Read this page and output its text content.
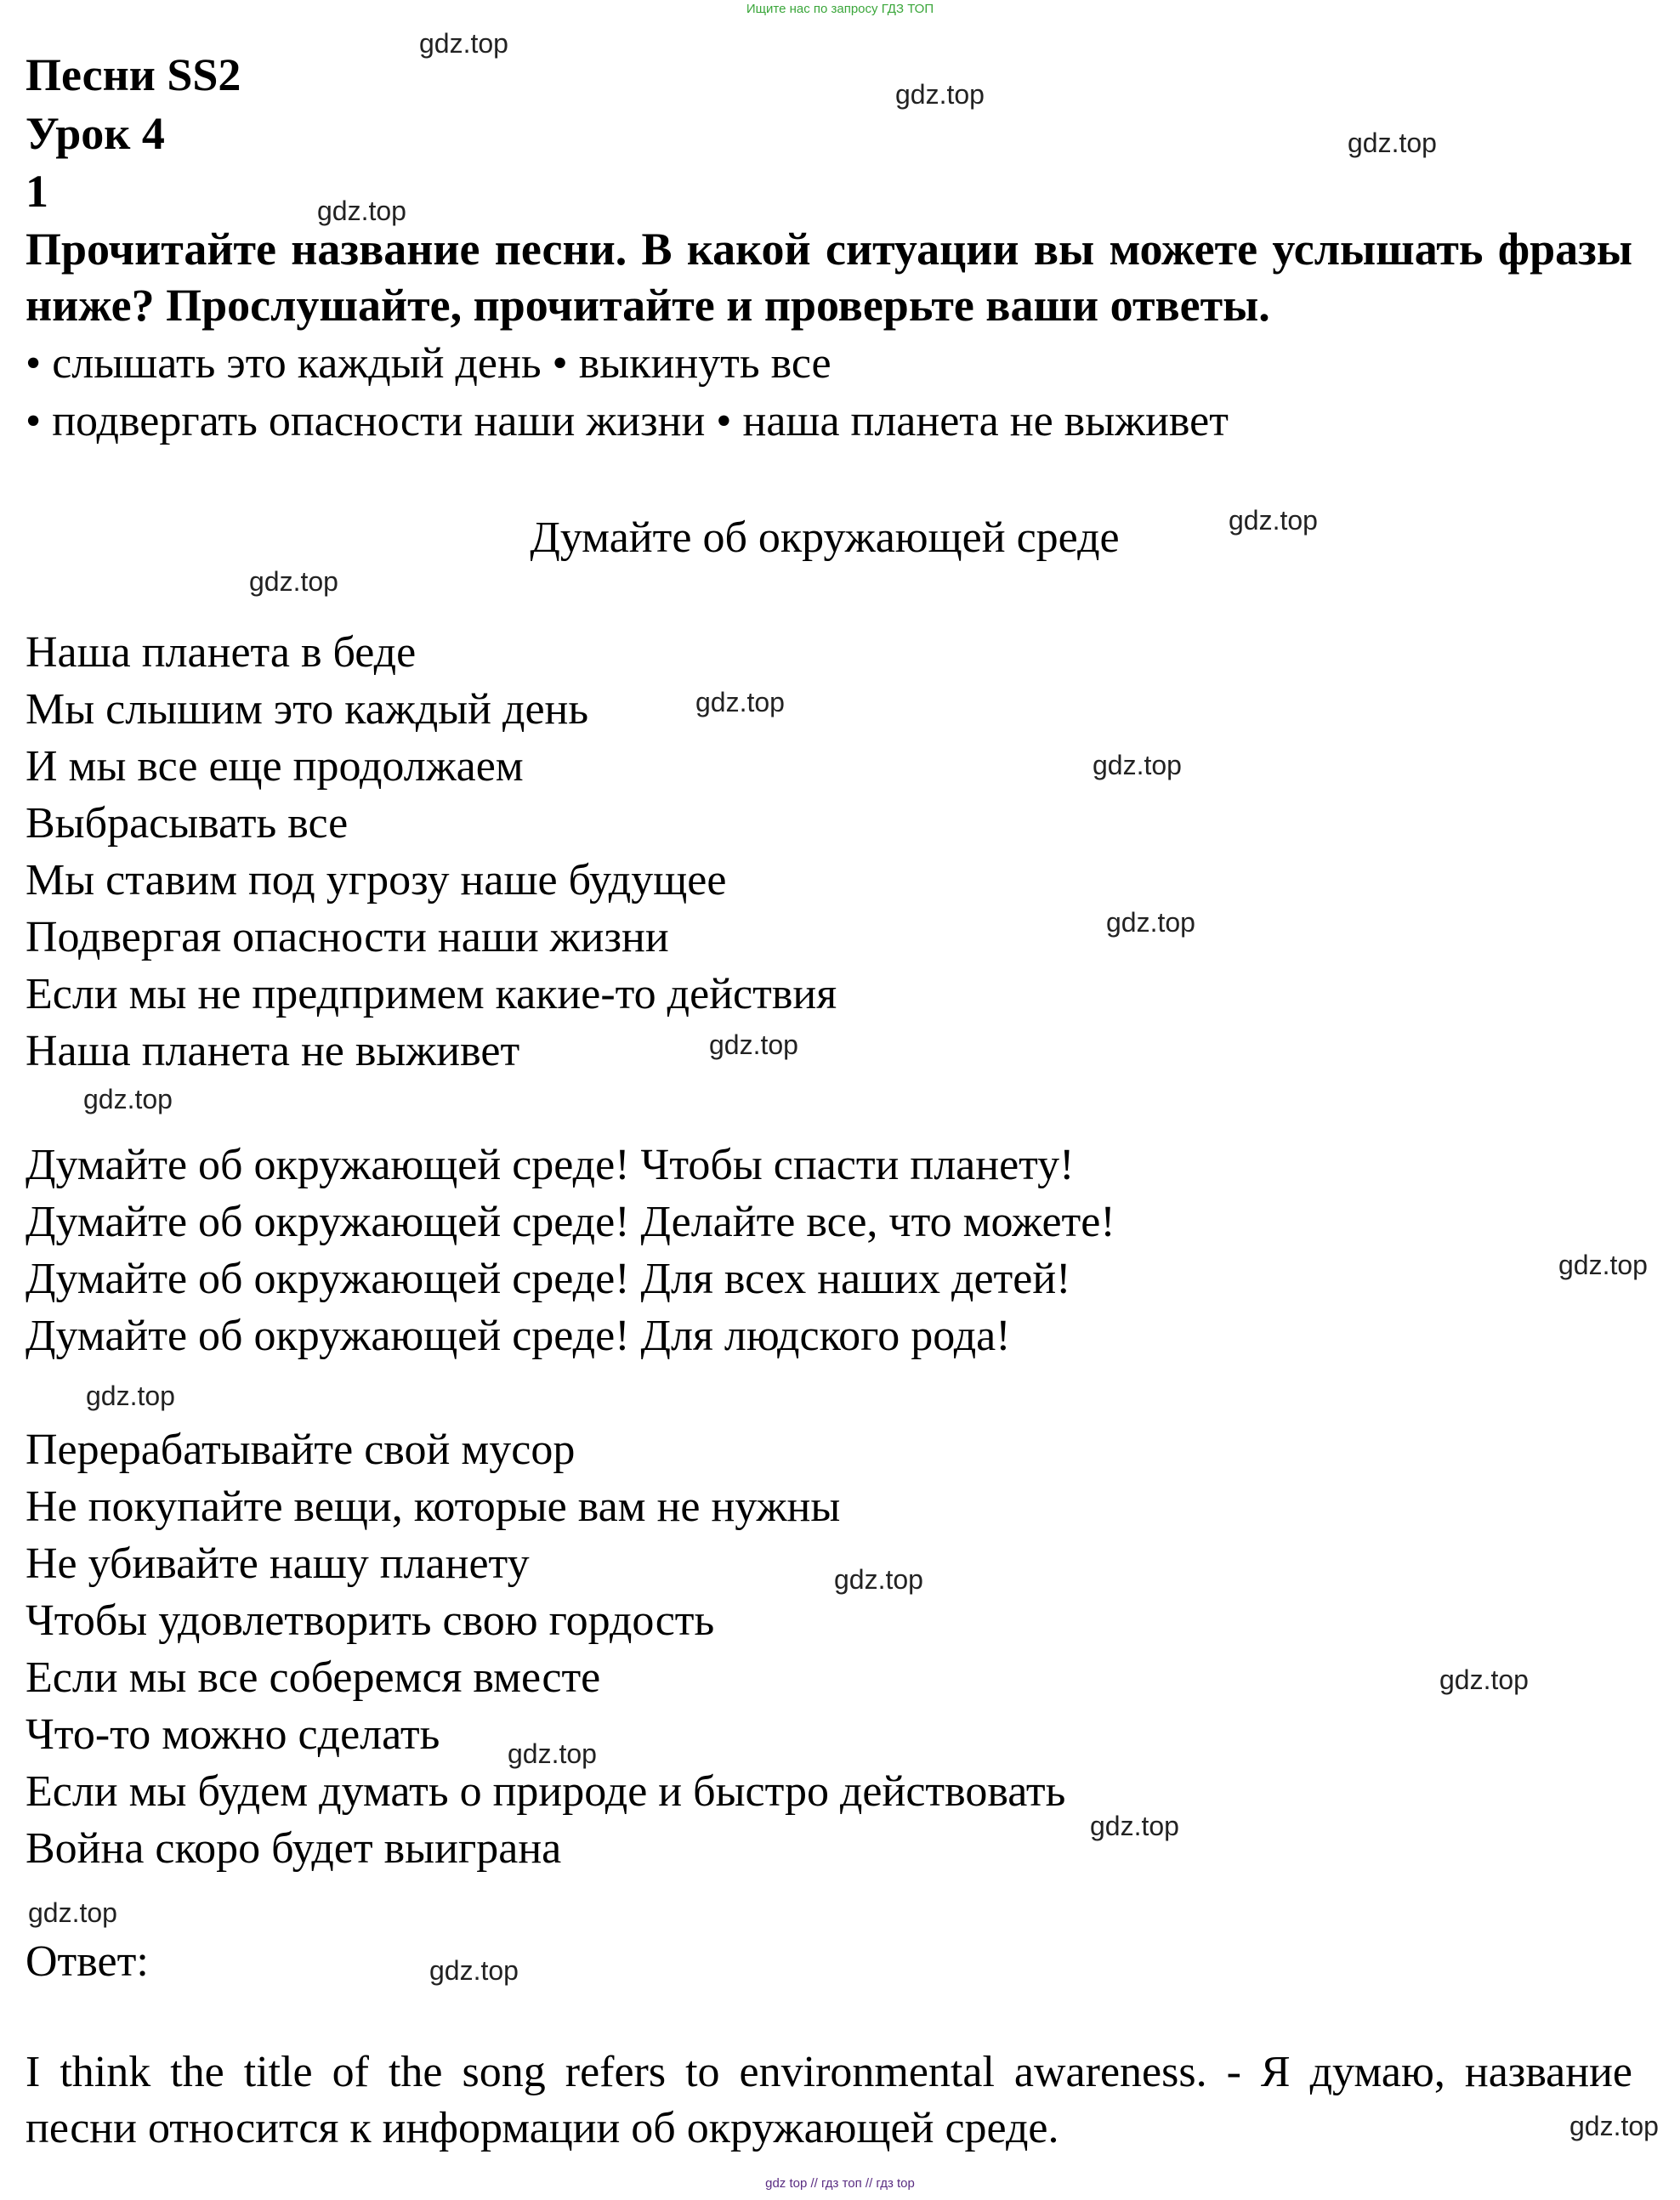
Ищите нас по запросу ГДЗ ТОП
Песни SS2
Урок 4
1
Прочитайте название песни. В какой ситуации вы можете услышать фразы ниже? Прослушайте, прочитайте и проверьте ваши ответы.
• слышать это каждый день • выкинуть все
• подвергать опасности наши жизни • наша планета не выживет
Думайте об окружающей среде
Наша планета в беде
Мы слышим это каждый день
И мы все еще продолжаем
Выбрасывать все
Мы ставим под угрозу наше будущее
Подвергая опасности наши жизни
Если мы не предпримем какие-то действия
Наша планета не выживет
Думайте об окружающей среде! Чтобы спасти планету!
Думайте об окружающей среде! Делайте все, что можете!
Думайте об окружающей среде! Для всех наших детей!
Думайте об окружающей среде! Для людского рода!
Перерабатывайте свой мусор
Не покупайте вещи, которые вам не нужны
Не убивайте нашу планету
Чтобы удовлетворить свою гордость
Если мы все соберемся вместе
Что-то можно сделать
Если мы будем думать о природе и быстро действовать
Война скоро будет выиграна
Ответ:
I think the title of the song refers to environmental awareness. - Я думаю, название песни относится к информации об окружающей среде.
gdz.top
gdz.top
gdz.top
gdz.top
gdz.top
gdz.top
gdz.top
gdz.top
gdz.top
gdz.top
gdz.top
gdz.top
gdz.top
gdz.top
gdz.top
gdz.top
gdz.top
gdz.top
gdz.top
gdz.top
gdz top // гдз топ // гдз top
